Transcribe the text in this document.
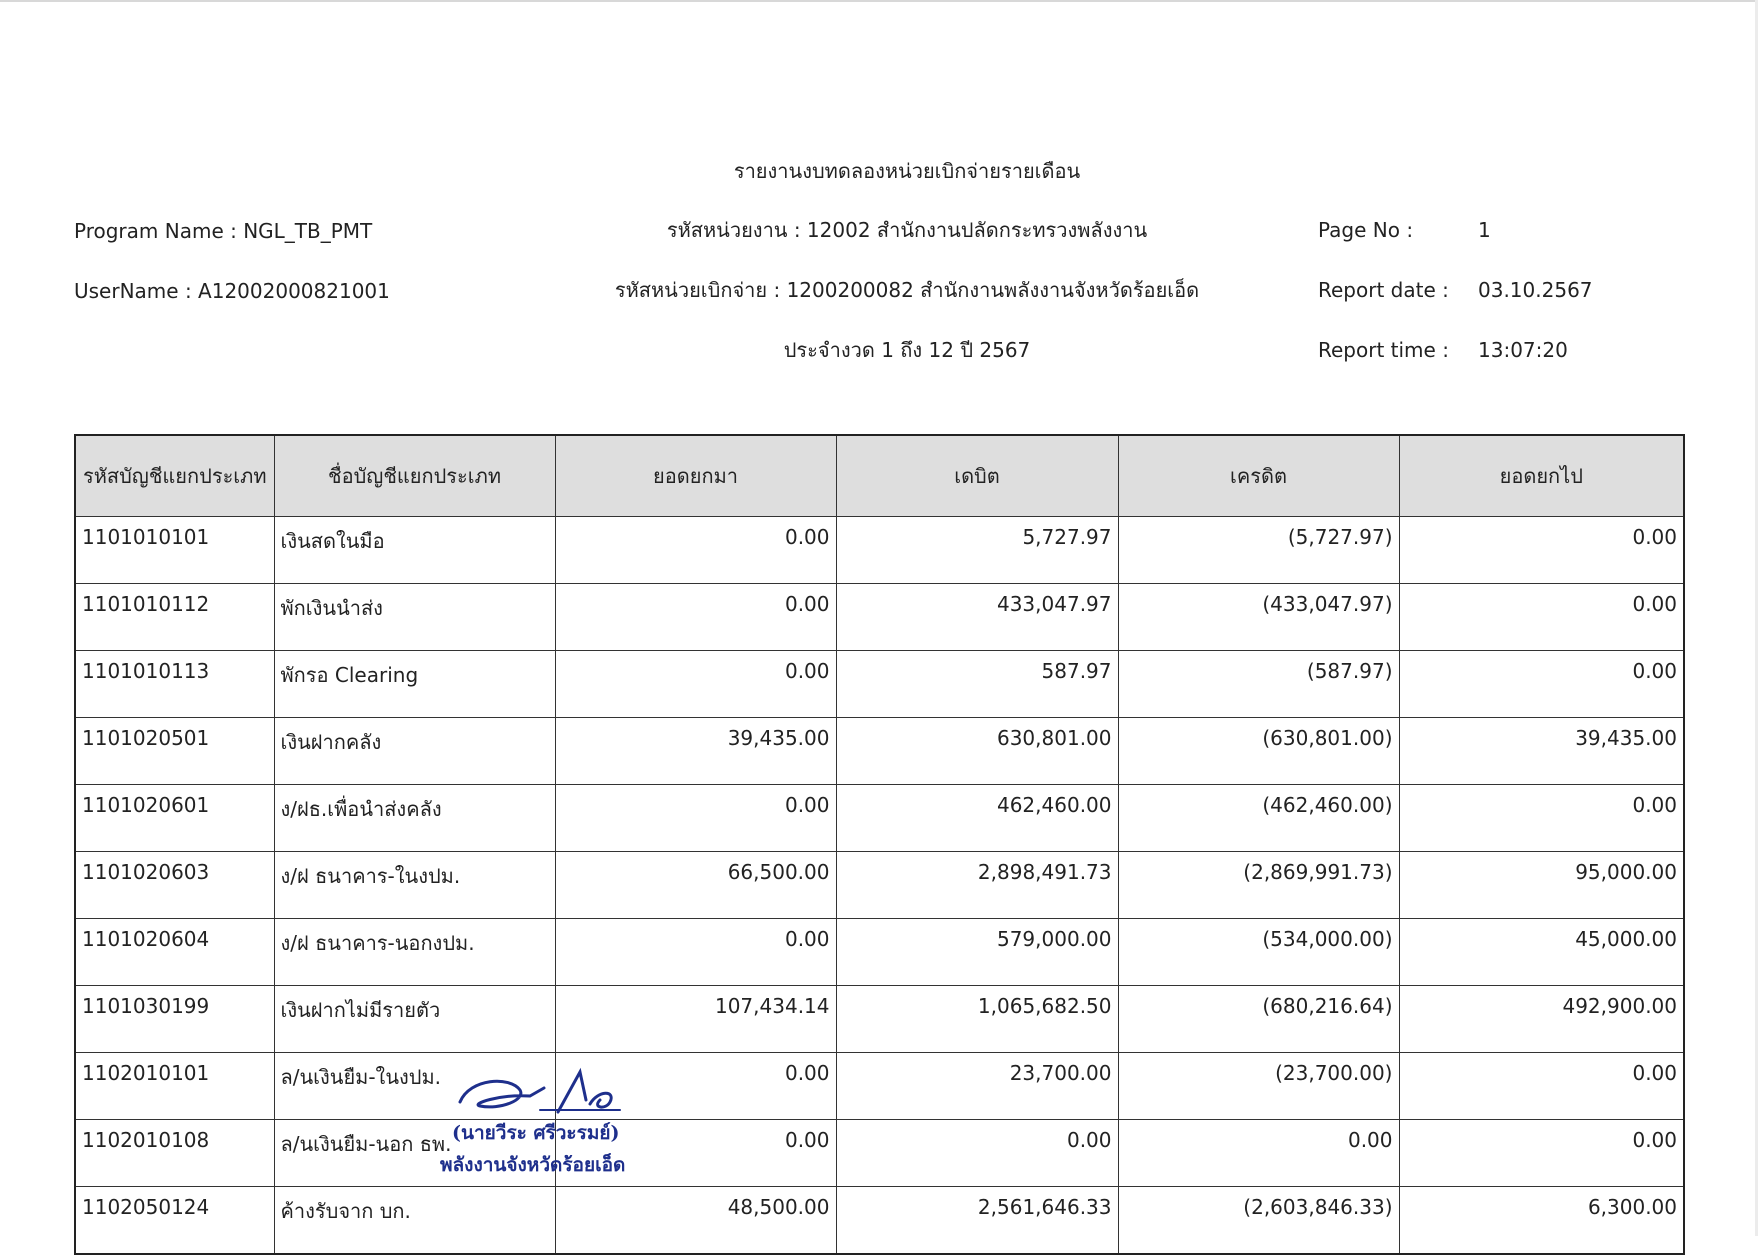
รายงานงบทดลองหน่วยเบิกจ่ายรายเดือน
Program Name : NGL_TB_PMT	รหัสหน่วยงาน : 12002 สำนักงานปลัดกระทรวงพลังงาน	Page No :	1
UserName : A12002000821001	รหัสหน่วยเบิกจ่าย : 1200200082 สำนักงานพลังงานจังหวัดร้อยเอ็ด	Report date : 03.10.2567
ประจำงวด 1 ถึง 12 ปี 2567	Report time : 13:07:20
รหัสบัญชีแยกประเภท	ชื่อบัญชีแยกประเภท	ยอดยกมา	เดบิต	เครดิต	ยอดยกไป
1101010101	เงินสดในมือ	0.00	5,727.97	(5,727.97)	0.00
1101010112	พักเงินนำส่ง	0.00	433,047.97	(433,047.97)	0.00
1101010113	พักรอ Clearing	0.00	587.97	(587.97)	0.00
1101020501	เงินฝากคลัง	39,435.00	630,801.00	(630,801.00)	39,435.00
1101020601	ง/ฝธ.เพื่อนำส่งคลัง	0.00	462,460.00	(462,460.00)	0.00
1101020603	ง/ฝ ธนาคาร-ในงปม.	66,500.00	2,898,491.73	(2,869,991.73)	95,000.00
1101020604	ง/ฝ ธนาคาร-นอกงปม.	0.00	579,000.00	(534,000.00)	45,000.00
1101030199	เงินฝากไม่มีรายตัว	107,434.14	1,065,682.50	(680,216.64)	492,900.00
1102010101	ล/นเงินยืม-ในงปม.	0.00	23,700.00	(23,700.00)	0.00
1102010108	ล/นเงินยืม-นอก ธพ.	0.00	0.00	0.00	0.00
1102050124	ค้างรับจาก บก.	48,500.00	2,561,646.33	(2,603,846.33)	6,300.00
(นายวีระ ศรีวะรมย์)
พลังงานจังหวัดร้อยเอ็ด
